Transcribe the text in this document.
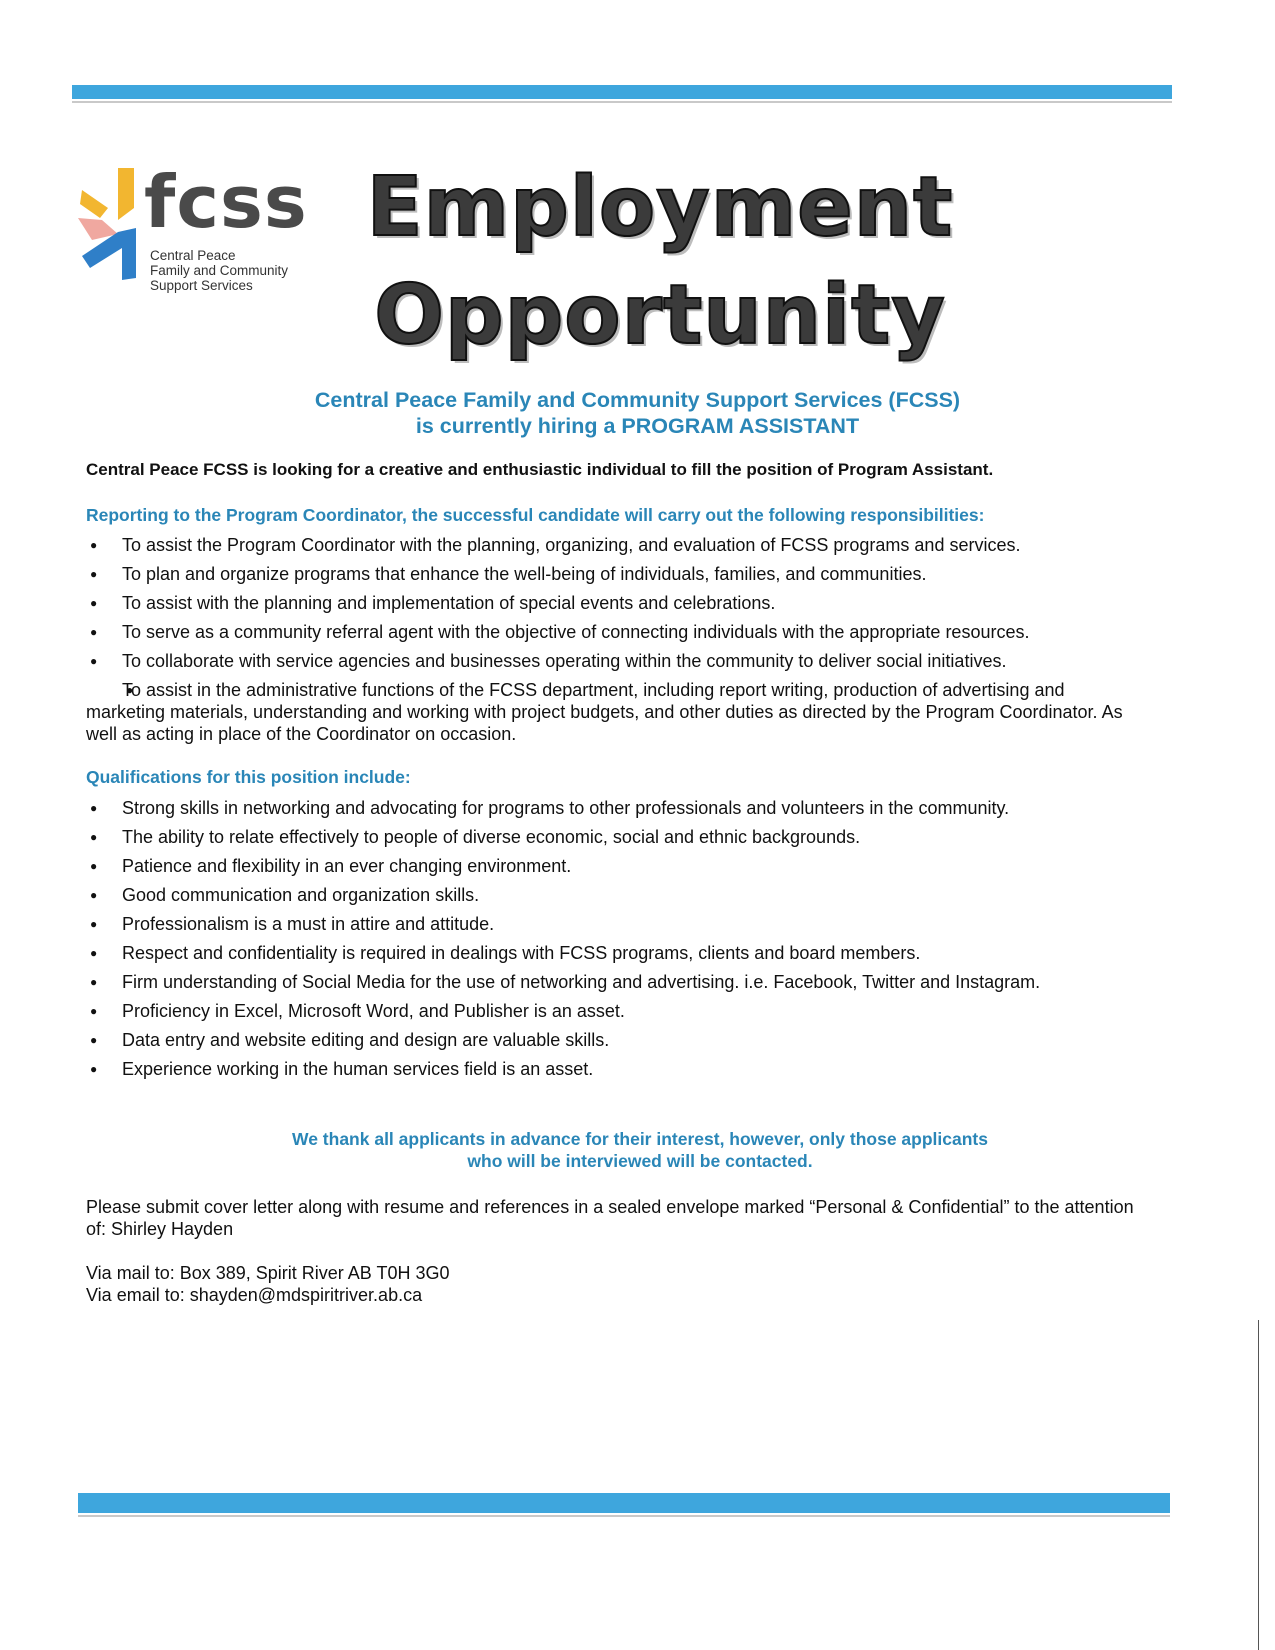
fcss
Central Peace
Family and Community
Support Services
Employment
Opportunity
Central Peace Family and Community Support Services (FCSS)
is currently hiring a PROGRAM ASSISTANT
Central Peace FCSS is looking for a creative and enthusiastic individual to fill the position of Program Assistant.
Reporting to the Program Coordinator, the successful candidate will carry out the following responsibilities:
● To assist the Program Coordinator with the planning, organizing, and evaluation of FCSS programs and services.
● To plan and organize programs that enhance the well-being of individuals, families, and communities.
● To assist with the planning and implementation of special events and celebrations.
● To serve as a community referral agent with the objective of connecting individuals with the appropriate resources.
● To collaborate with service agencies and businesses operating within the community to deliver social initiatives.
● To assist in the administrative functions of the FCSS department, including report writing, production of advertising and marketing materials, understanding and working with project budgets, and other duties as directed by the Program Coordinator. As well as acting in place of the Coordinator on occasion.
Qualifications for this position include:
● Strong skills in networking and advocating for programs to other professionals and volunteers in the community.
● The ability to relate effectively to people of diverse economic, social and ethnic backgrounds.
● Patience and flexibility in an ever changing environment.
● Good communication and organization skills.
● Professionalism is a must in attire and attitude.
● Respect and confidentiality is required in dealings with FCSS programs, clients and board members.
● Firm understanding of Social Media for the use of networking and advertising. i.e. Facebook, Twitter and Instagram.
● Proficiency in Excel, Microsoft Word, and Publisher is an asset.
● Data entry and website editing and design are valuable skills.
● Experience working in the human services field is an asset.
We thank all applicants in advance for their interest, however, only those applicants
who will be interviewed will be contacted.
Please submit cover letter along with resume and references in a sealed envelope marked “Personal & Confidential” to the attention of: Shirley Hayden
Via mail to: Box 389, Spirit River AB T0H 3G0
Via email to: shayden@mdspiritriver.ab.ca
